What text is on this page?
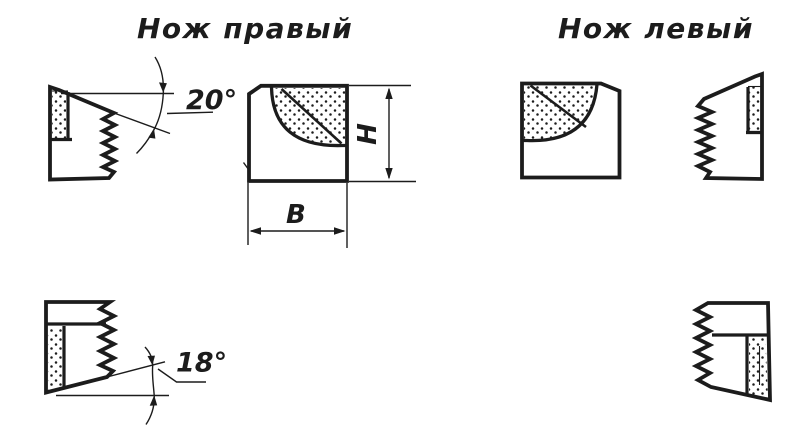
Нож правый	Нож левый
20°
H
В
18°
